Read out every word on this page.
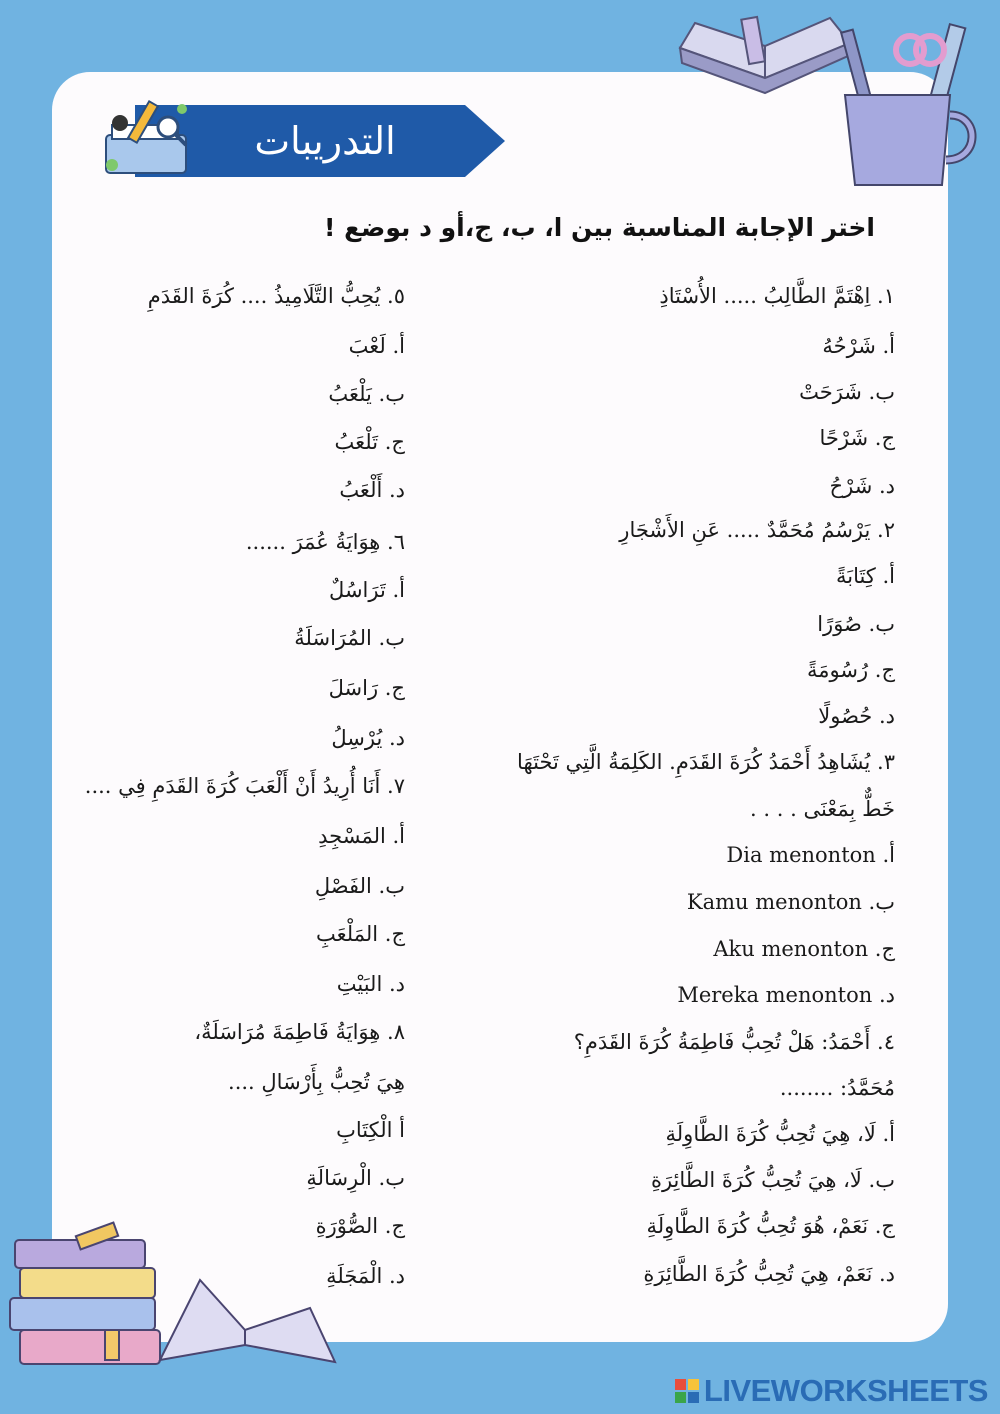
التدريبات
اختر الإجابة المناسبة بين ا، ب، ج،أو د بوضع !
١. اِهْتَمَّ الطَّالِبُ ..... الأُسْتَاذِ
أ. شَرْحُهُ
ب. شَرَحَتْ
ج. شَرْحًا
د. شَرْحُ
٢. يَرْسُمُ مُحَمَّدٌ ..... عَنِ الأَشْجَارِ
أ. كِتَابَةً
ب. صُوَرًا
ج. رُسُومَةً
د. حُصُولًا
٣. يُشَاهِدُ أَحْمَدُ كُرَةَ القَدَمِ. الكَلِمَةُ الَّتِي تَحْتَهَا
خَطٌّ بِمَعْنَى . . . .
أ. Dia menonton
ب. Kamu menonton
ج. Aku menonton
د. Mereka menonton
٤. أَحْمَدُ: هَلْ تُحِبُّ فَاطِمَةُ كُرَةَ القَدَمِ؟
مُحَمَّدُ: ........
أ. لَا، هِيَ تُحِبُّ كُرَةَ الطَّاوِلَةِ
ب. لَا، هِيَ تُحِبُّ كُرَةَ الطَّائِرَةِ
ج. نَعَمْ، هُوَ تُحِبُّ كُرَةَ الطَّاوِلَةِ
د. نَعَمْ، هِيَ تُحِبُّ كُرَةَ الطَّائِرَةِ
٥. يُحِبُّ التَّلَامِيذُ .... كُرَةَ القَدَمِ
أ. لَعْبَ
ب. يَلْعَبُ
ج. تَلْعَبُ
د. أَلْعَبُ
٦. هِوَايَةُ عُمَرَ ......
أ. تَرَاسُلٌ
ب. المُرَاسَلَةُ
ج. رَاسَلَ
د. يُرْسِلُ
٧. أَنَا أُرِيدُ أَنْ أَلْعَبَ كُرَةَ القَدَمِ فِي ....
أ. المَسْجِدِ
ب. الفَصْلِ
ج. المَلْعَبِ
د. البَيْتِ
٨. هِوَايَةُ فَاطِمَةَ مُرَاسَلَةٌ،
هِيَ تُحِبُّ بِأَرْسَالِ ....
أ الْكِتَابِ
ب. الْرِسَالَةِ
ج. الصُّوْرَةِ
د. الْمَجَلَةِ
LIVEWORKSHEETS
